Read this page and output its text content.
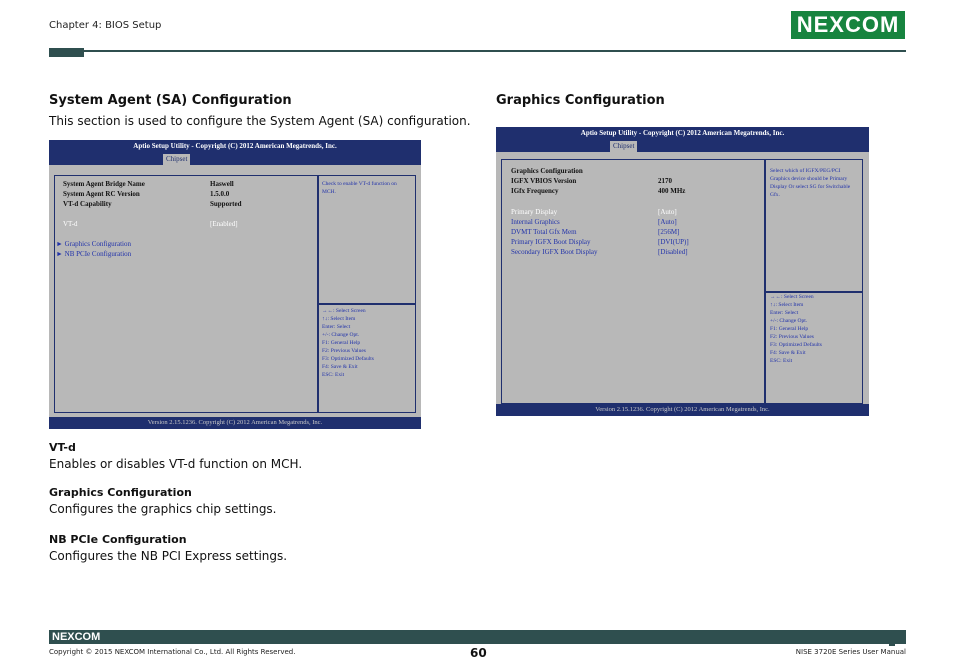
Chapter 4: BIOS Setup	NEXCOM
System Agent (SA) Configuration
This section is used to configure the System Agent (SA) configuration.
Aptio Setup Utility - Copyright (C) 2012 American Megatrends, Inc.
Chipset
System Agent Bridge Name	Haswell
System Agent RC Version	1.5.0.0
VT-d Capability	Supported
VT-d	[Enabled]
► Graphics Configuration
► NB PCIe Configuration
Check to enable VT-d function on MCH.
→←: Select Screen
↑↓: Select Item
Enter: Select
+/-: Change Opt.
F1: General Help
F2: Previous Values
F3: Optimized Defaults
F4: Save & Exit
ESC: Exit
Version 2.15.1236. Copyright (C) 2012 American Megatrends, Inc.
VT-d
Enables or disables VT-d function on MCH.
Graphics Configuration
Configures the graphics chip settings.
NB PCIe Configuration
Configures the NB PCI Express settings.
Graphics Configuration
Aptio Setup Utility - Copyright (C) 2012 American Megatrends, Inc.
Chipset
Graphics Configuration
IGFX VBIOS Version	2170
IGfx Frequency	400 MHz
Primary Display	[Auto]
Internal Graphics	[Auto]
DVMT Total Gfx Mem	[256M]
Primary IGFX Boot Display	[DVI(UP)]
Secondary IGFX Boot Display	[Disabled]
Select which of IGFX/PEG/PCI Graphics device should be Primary Display Or select SG for Switchable Gfx.
→←: Select Screen
↑↓: Select Item
Enter: Select
+/-: Change Opt.
F1: General Help
F2: Previous Values
F3: Optimized Defaults
F4: Save & Exit
ESC: Exit
Version 2.15.1236. Copyright (C) 2012 American Megatrends, Inc.
NEXCOM
Copyright © 2015 NEXCOM International Co., Ltd. All Rights Reserved.	60	NISE 3720E Series User Manual
